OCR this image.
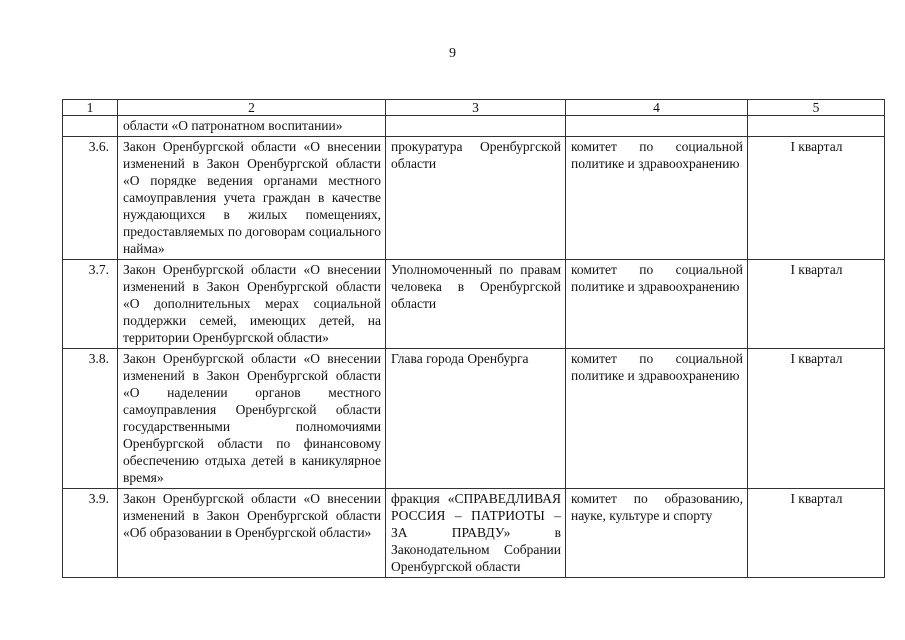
9
1	2	3	4	5
	области «О патронатном воспитании»			
3.6.	Закон Оренбургской области «О внесении изменений в Закон Оренбургской области «О порядке ведения органами местного самоуправления учета граждан в качестве нуждающихся в жилых помещениях, предоставляемых по договорам социального найма»	прокуратура Оренбургской области	комитет по социальной политике и здравоохранению	I квартал
3.7.	Закон Оренбургской области «О внесении изменений в Закон Оренбургской области «О дополнительных мерах социальной поддержки семей, имеющих детей, на территории Оренбургской области»	Уполномоченный по правам человека в Оренбургской области	комитет по социальной политике и здравоохранению	I квартал
3.8.	Закон Оренбургской области «О внесении изменений в Закон Оренбургской области «О наделении органов местного самоуправления Оренбургской области государственными полномочиями Оренбургской области по финансовому обеспечению отдыха детей в каникулярное время»	Глава города Оренбурга	комитет по социальной политике и здравоохранению	I квартал
3.9.	Закон Оренбургской области «О внесении изменений в Закон Оренбургской области «Об образовании в Оренбургской области»	фракция «СПРАВЕДЛИВАЯ РОССИЯ – ПАТРИОТЫ – ЗА ПРАВДУ» в Законодательном Собрании Оренбургской области	комитет по образованию, науке, культуре и спорту	I квартал
